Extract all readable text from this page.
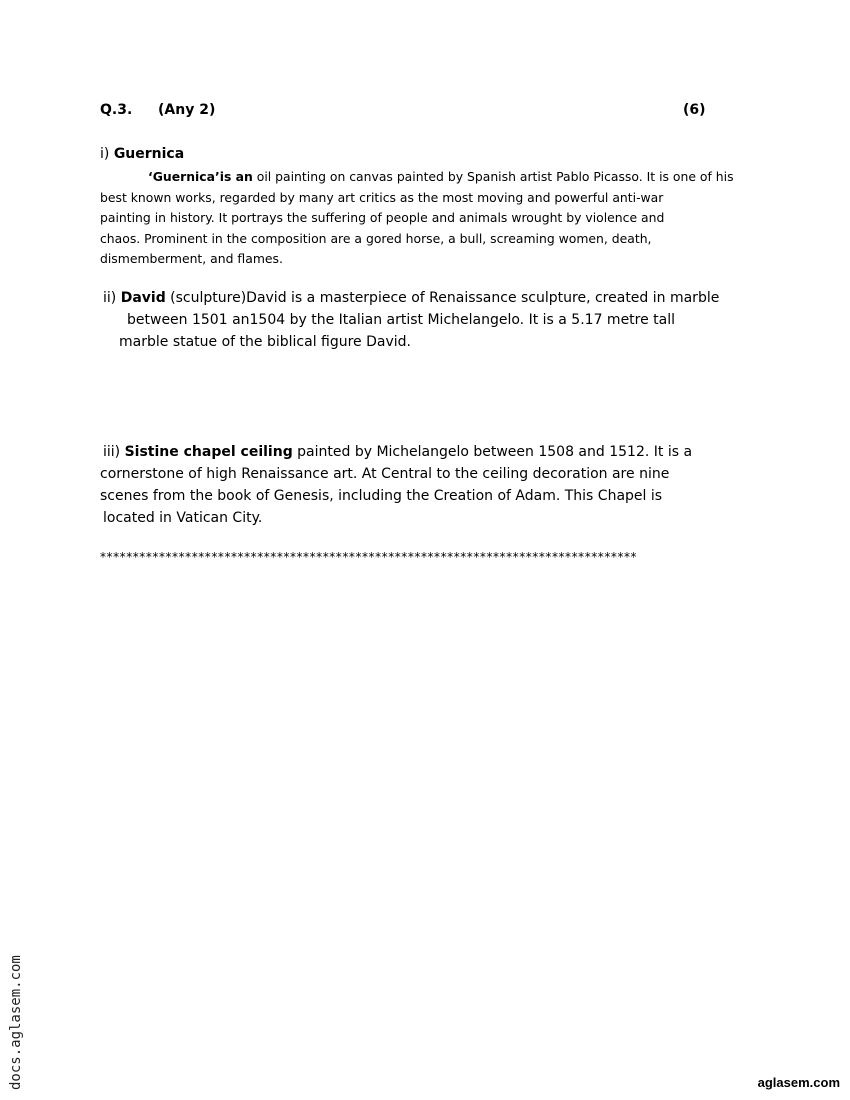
Q.3. (Any 2)	(6)
i) Guernica
‘Guernica’is an oil painting on canvas painted by Spanish artist Pablo Picasso. It is one of his
best known works, regarded by many art critics as the most moving and powerful anti-war
painting in history. It portrays the suffering of people and animals wrought by violence and
chaos. Prominent in the composition are a gored horse, a bull, screaming women, death,
dismemberment, and flames.
ii) David (sculpture)David is a masterpiece of Renaissance sculpture, created in marble
between 1501 an1504 by the Italian artist Michelangelo. It is a 5.17 metre tall
marble statue of the biblical figure David.
iii) Sistine chapel ceiling painted by Michelangelo between 1508 and 1512. It is a
cornerstone of high Renaissance art. At Central to the ceiling decoration are nine
scenes from the book of Genesis, including the Creation of Adam. This Chapel is
located in Vatican City.
**********************************************************************************
docs.aglasem.com	aglasem.com
